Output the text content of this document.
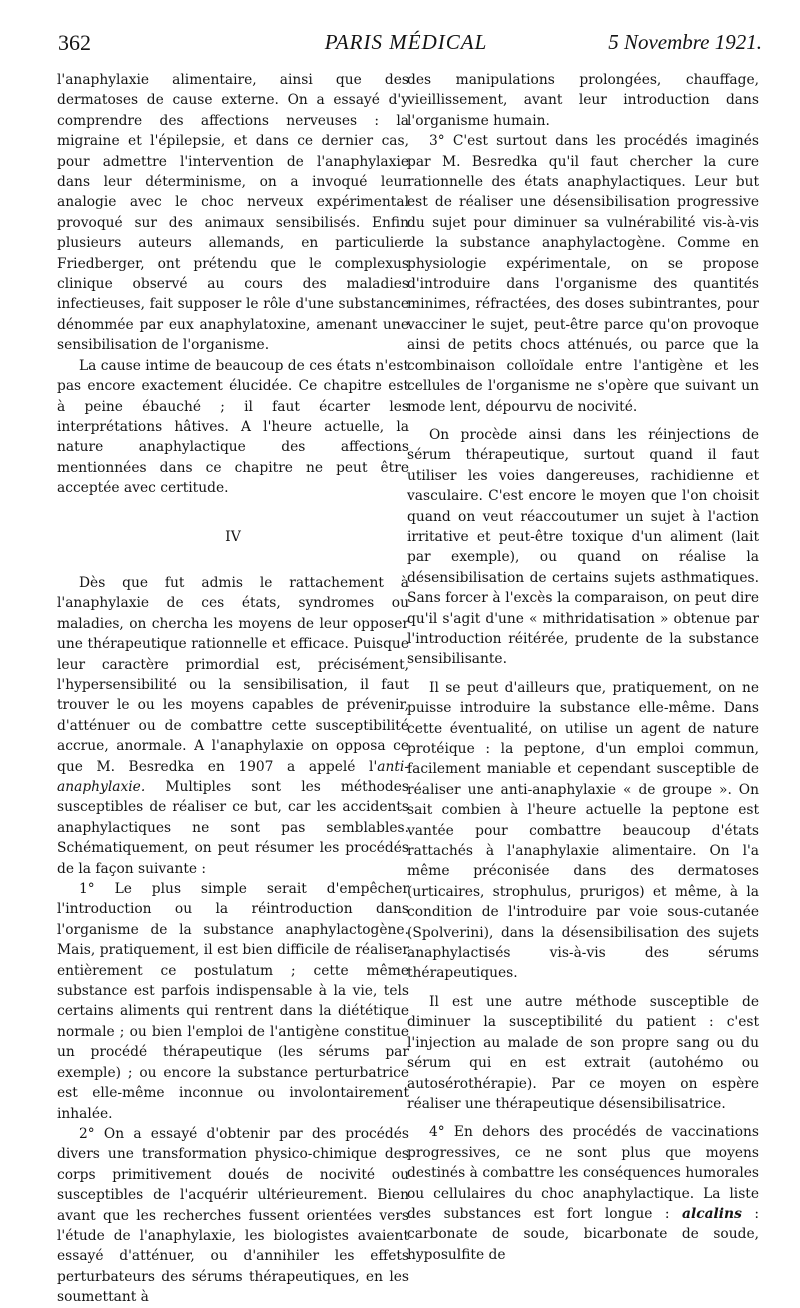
362	PARIS MÉDICAL	5 Novembre 1921.

l'anaphylaxie alimentaire, ainsi que des dermatoses de cause externe. On a essayé d'y comprendre des affections nerveuses : la migraine et l'épilepsie, et dans ce dernier cas, pour admettre l'intervention de l'anaphylaxie dans leur déterminisme, on a invoqué leur analogie avec le choc nerveux expérimental provoqué sur des animaux sensibilisés. Enfin plusieurs auteurs allemands, en particulier Friedberger, ont prétendu que le complexus clinique observé au cours des maladies infectieuses, fait supposer le rôle d'une substance dénommée par eux anaphylatoxine, amenant une sensibilisation de l'organisme.

La cause intime de beaucoup de ces états n'est pas encore exactement élucidée. Ce chapitre est à peine ébauché ; il faut écarter les interprétations hâtives. A l'heure actuelle, la nature anaphylactique des affections mentionnées dans ce chapitre ne peut être acceptée avec certitude.

IV

Dès que fut admis le rattachement à l'anaphylaxie de ces états, syndromes ou maladies, on chercha les moyens de leur opposer une thérapeutique rationnelle et efficace. Puisque leur caractère primordial est, précisément, l'hypersensibilité ou la sensibilisation, il faut trouver le ou les moyens capables de prévenir, d'atténuer ou de combattre cette susceptibilité accrue, anormale. A l'anaphylaxie on opposa ce que M. Besredka en 1907 a appelé l'anti-anaphylaxie. Multiples sont les méthodes susceptibles de réaliser ce but, car les accidents anaphylactiques ne sont pas semblables. Schématiquement, on peut résumer les procédés de la façon suivante :

1° Le plus simple serait d'empêcher l'introduction ou la réintroduction dans l'organisme de la substance anaphylactogène. Mais, pratiquement, il est bien difficile de réaliser entièrement ce postulatum ; cette même substance est parfois indispensable à la vie, tels certains aliments qui rentrent dans la diététique normale ; ou bien l'emploi de l'antigène constitue un procédé thérapeutique (les sérums par exemple) ; ou encore la substance perturbatrice est elle-même inconnue ou involontairement inhalée.

2° On a essayé d'obtenir par des procédés divers une transformation physico-chimique des corps primitivement doués de nocivité ou susceptibles de l'acquérir ultérieurement. Bien avant que les recherches fussent orientées vers l'étude de l'anaphylaxie, les biologistes avaient essayé d'atténuer, ou d'annihiler les effets perturbateurs des sérums thérapeutiques, en les soumettant à

des manipulations prolongées, chauffage, vieillissement, avant leur introduction dans l'organisme humain.

3° C'est surtout dans les procédés imaginés par M. Besredka qu'il faut chercher la cure rationnelle des états anaphylactiques. Leur but est de réaliser une désensibilisation progressive du sujet pour diminuer sa vulnérabilité vis-à-vis de la substance anaphylactogène. Comme en physiologie expérimentale, on se propose d'introduire dans l'organisme des quantités minimes, réfractées, des doses subintrantes, pour vacciner le sujet, peut-être parce qu'on provoque ainsi de petits chocs atténués, ou parce que la combinaison colloïdale entre l'antigène et les cellules de l'organisme ne s'opère que suivant un mode lent, dépourvu de nocivité.

On procède ainsi dans les réinjections de sérum thérapeutique, surtout quand il faut utiliser les voies dangereuses, rachidienne et vasculaire. C'est encore le moyen que l'on choisit quand on veut réaccoutumer un sujet à l'action irritative et peut-être toxique d'un aliment (lait par exemple), ou quand on réalise la désensibilisation de certains sujets asthmatiques. Sans forcer à l'excès la comparaison, on peut dire qu'il s'agit d'une « mithridatisation » obtenue par l'introduction réitérée, prudente de la substance sensibilisante.

Il se peut d'ailleurs que, pratiquement, on ne puisse introduire la substance elle-même. Dans cette éventualité, on utilise un agent de nature protéique : la peptone, d'un emploi commun, facilement maniable et cependant susceptible de réaliser une anti-anaphylaxie « de groupe ». On sait combien à l'heure actuelle la peptone est vantée pour combattre beaucoup d'états rattachés à l'anaphylaxie alimentaire. On l'a même préconisée dans des dermatoses (urticaires, strophulus, prurigos) et même, à la condition de l'introduire par voie sous-cutanée (Spolverini), dans la désensibilisation des sujets anaphylactisés vis-à-vis des sérums thérapeutiques.

Il est une autre méthode susceptible de diminuer la susceptibilité du patient : c'est l'injection au malade de son propre sang ou du sérum qui en est extrait (autohémo ou autosérothérapie). Par ce moyen on espère réaliser une thérapeutique désensibilisatrice.

4° En dehors des procédés de vaccinations progressives, ce ne sont plus que moyens destinés à combattre les conséquences humorales ou cellulaires du choc anaphylactique. La liste des substances est fort longue : alcalins : carbonate de soude, bicarbonate de soude, hyposulfite de
